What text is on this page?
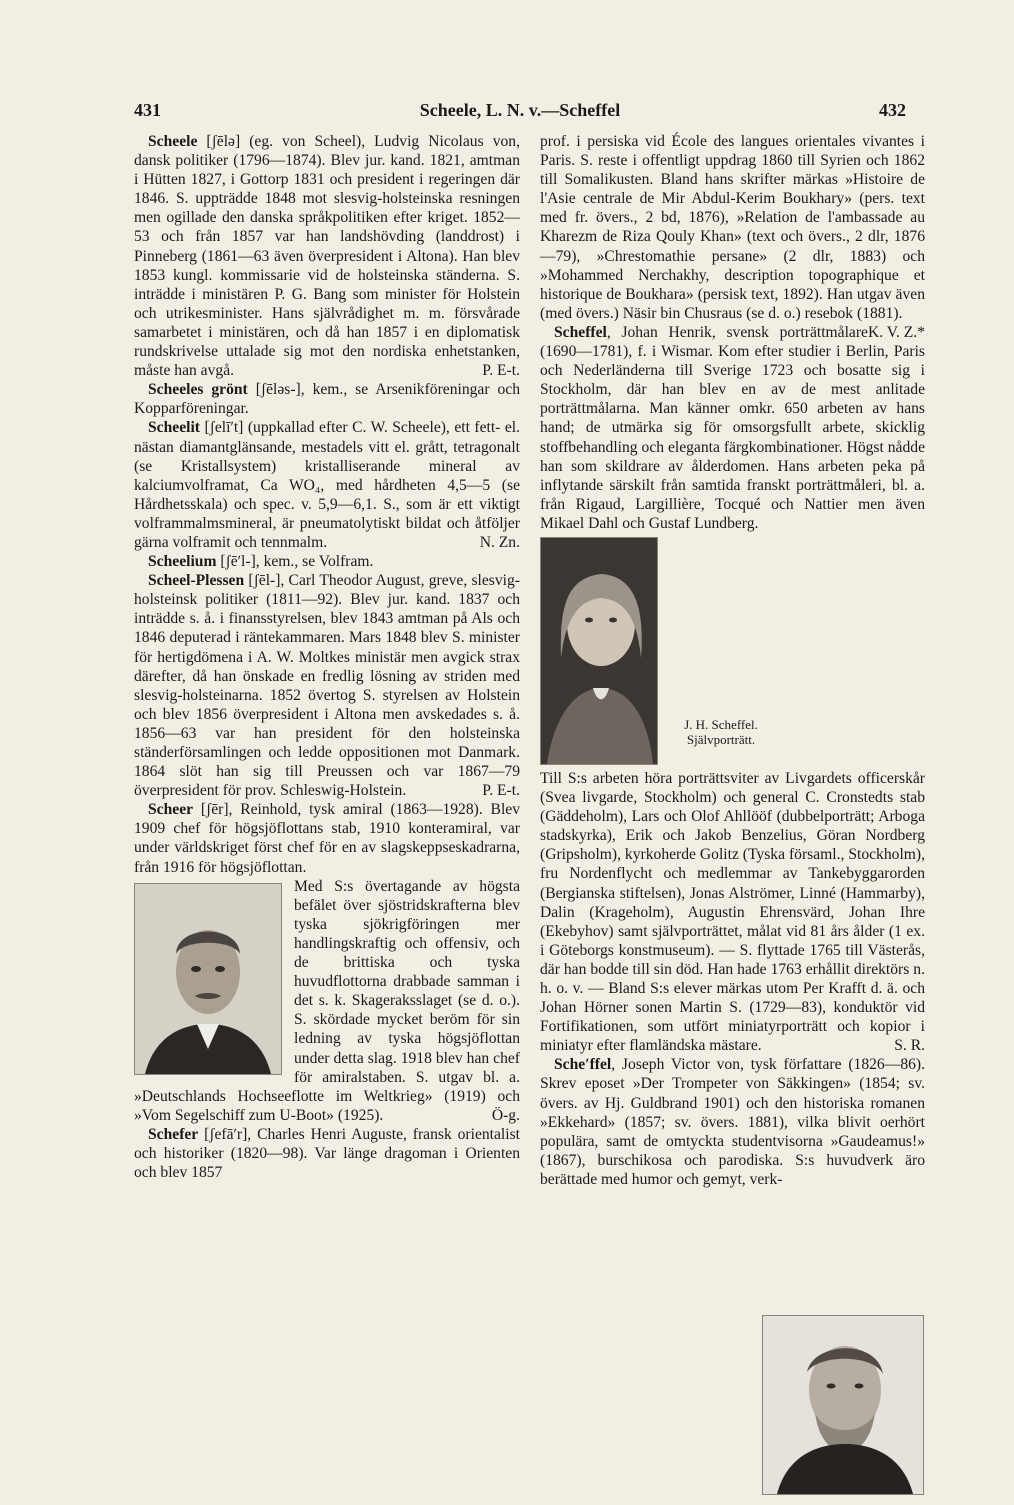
431	Scheele, L. N. v.—Scheffel	432

Scheele [ʃēlə] (eg. von Scheel), Ludvig Nicolaus von, dansk politiker (1796—1874). Blev jur. kand. 1821, amtman i Hütten 1827, i Gottorp 1831 och president i regeringen där 1846. S. uppträdde 1848 mot slesvig-holsteinska resningen men ogillade den danska språkpolitiken efter kriget. 1852—53 och från 1857 var han landshövding (landdrost) i Pinneberg (1861—63 även överpresident i Altona). Han blev 1853 kungl. kommissarie vid de holsteinska ständerna. S. inträdde i ministären P. G. Bang som minister för Holstein och utrikesminister. Hans självrådighet m. m. försvårade samarbetet i ministären, och då han 1857 i en diplomatisk rundskrivelse uttalade sig mot den nordiska enhetstanken, måste han avgå.	P. E-t.

Scheeles grönt [ʃēləs-], kem., se Arsenikföreningar och Kopparföreningar.

Scheelit [ʃelīʹt] (uppkallad efter C. W. Scheele), ett fett- el. nästan diamantglänsande, mestadels vitt el. grått, tetragonalt (se Kristallsystem) kristalliserande mineral av kalciumvolframat, Ca WO₄, med hårdheten 4,5—5 (se Hårdhetsskala) och spec. v. 5,9—6,1. S., som är ett viktigt volframmalmsmineral, är pneumatolytiskt bildat och åtföljer gärna volframit och tennmalm.	N. Zn.

Scheelium [ʃēʹl-], kem., se Volfram.

Scheel-Plessen [ʃēl-], Carl Theodor August, greve, slesvig-holsteinsk politiker (1811—92). Blev jur. kand. 1837 och inträdde s. å. i finansstyrelsen, blev 1843 amtman på Als och 1846 deputerad i räntekammaren. Mars 1848 blev S. minister för hertigdömena i A. W. Moltkes ministär men avgick strax därefter, då han önskade en fredlig lösning av striden med slesvig-holsteinarna. 1852 övertog S. styrelsen av Holstein och blev 1856 överpresident i Altona men avskedades s. å. 1856—63 var han president för den holsteinska ständerförsamlingen och ledde oppositionen mot Danmark. 1864 slöt han sig till Preussen och var 1867—79 överpresident för prov. Schleswig-Holstein.	P. E-t.

Scheer [ʃēr], Reinhold, tysk amiral (1863—1928). Blev 1909 chef för högsjöflottans stab, 1910 konteramiral, var under världskriget först chef för en av slagskeppseskadrarna, från 1916 för högsjöflottan.

Med S:s övertagande av högsta befälet över sjöstridskrafterna blev tyska sjökrigföringen mer handlingskraftig och offensiv, och de brittiska och tyska huvudflottorna drabbade samman i det s. k. Skageraksslaget (se d. o.). S. skördade mycket beröm för sin ledning av tyska högsjöflottan under detta slag. 1918 blev han chef för amiralstaben. S. utgav bl. a. »Deutschlands Hochseeflotte im Weltkrieg» (1919) och »Vom Segelschiff zum U-Boot» (1925).	Ö-g.

Schefer [ʃefāʹr], Charles Henri Auguste, fransk orientalist och historiker (1820—98). Var länge dragoman i Orienten och blev 1857

prof. i persiska vid École des langues orientales vivantes i Paris. S. reste i offentligt uppdrag 1860 till Syrien och 1862 till Somalikusten. Bland hans skrifter märkas »Histoire de l'Asie centrale de Mir Abdul-Kerim Boukhary» (pers. text med fr. övers., 2 bd, 1876), »Relation de l'ambassade au Kharezm de Riza Qouly Khan» (text och övers., 2 dlr, 1876—79), »Chrestomathie persane» (2 dlr, 1883) och »Mohammed Nerchakhy, description topographique et historique de Boukhara» (persisk text, 1892). Han utgav även (med övers.) Näsir bin Chusraus (se d. o.) resebok (1881).
K. V. Z.*

Scheffel, Johan Henrik, svensk porträttmålare (1690—1781), f. i Wismar. Kom efter studier i Berlin, Paris och Nederländerna till Sverige 1723 och bosatte sig i Stockholm, där han blev en av de mest anlitade porträttmålarna. Man känner omkr. 650 arbeten av hans hand; de utmärka sig för omsorgsfullt arbete, skicklig stoffbehandling och eleganta färgkombinationer. Högst nådde han som skildrare av ålderdomen. Hans arbeten peka på inflytande särskilt från samtida franskt porträttmåleri, bl. a. från Rigaud, Largillière, Tocqué och Nattier men även Mikael Dahl och Gustaf Lundberg.

J. H. Scheffel. Självporträtt.

Till S:s arbeten höra porträttsviter av Livgardets officerskår (Svea livgarde, Stockholm) och general C. Cronstedts stab (Gäddeholm), Lars och Olof Ahllööf (dubbelporträtt; Arboga stadskyrka), Erik och Jakob Benzelius, Göran Nordberg (Gripsholm), kyrkoherde Golitz (Tyska församl., Stockholm), fru Nordenflycht och medlemmar av Tankebyggarorden (Bergianska stiftelsen), Jonas Alströmer, Linné (Hammarby), Dalin (Krageholm), Augustin Ehrensvärd, Johan Ihre (Ekebyhov) samt självporträttet, målat vid 81 års ålder (1 ex. i Göteborgs konstmuseum). — S. flyttade 1765 till Västerås, där han bodde till sin död. Han hade 1763 erhållit direktörs n. h. o. v. — Bland S:s elever märkas utom Per Krafft d. ä. och Johan Hörner sonen Martin S. (1729—83), konduktör vid Fortifikationen, som utfört miniatyrporträtt och kopior i miniatyr efter flamländska mästare.	S. R.

Scheʹffel, Joseph Victor von, tysk författare (1826—86). Skrev eposet »Der Trompeter von Säkkingen» (1854; sv. övers. av Hj. Guldbrand 1901) och den historiska romanen »Ekkehard» (1857; sv. övers. 1881), vilka blivit oerhört populära, samt de omtyckta studentvisorna »Gaudeamus!» (1867), burschikosa och parodiska. S:s huvudverk äro berättade med humor och gemyt, verk-
